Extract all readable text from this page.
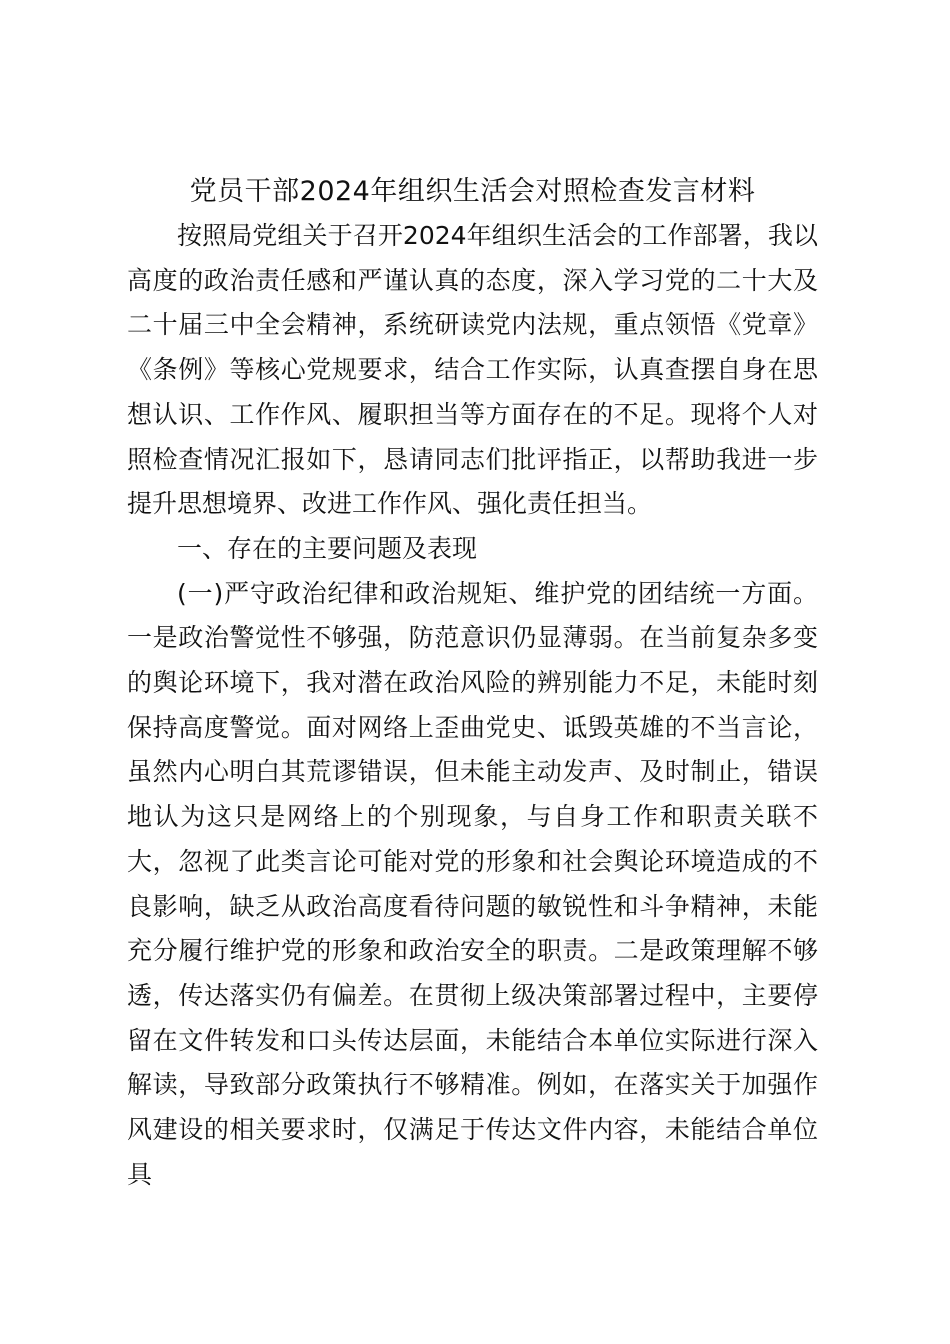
党员干部2024年组织生活会对照检查发言材料

按照局党组关于召开2024年组织生活会的工作部署，我以高度的政治责任感和严谨认真的态度，深入学习党的二十大及二十届三中全会精神，系统研读党内法规，重点领悟《党章》《条例》等核心党规要求，结合工作实际，认真查摆自身在思想认识、工作作风、履职担当等方面存在的不足。现将个人对照检查情况汇报如下，恳请同志们批评指正，以帮助我进一步提升思想境界、改进工作作风、强化责任担当。

一、存在的主要问题及表现

(一)严守政治纪律和政治规矩、维护党的团结统一方面。一是政治警觉性不够强，防范意识仍显薄弱。在当前复杂多变的舆论环境下，我对潜在政治风险的辨别能力不足，未能时刻保持高度警觉。面对网络上歪曲党史、诋毁英雄的不当言论，虽然内心明白其荒谬错误，但未能主动发声、及时制止，错误地认为这只是网络上的个别现象，与自身工作和职责关联不大，忽视了此类言论可能对党的形象和社会舆论环境造成的不良影响，缺乏从政治高度看待问题的敏锐性和斗争精神，未能充分履行维护党的形象和政治安全的职责。二是政策理解不够透，传达落实仍有偏差。在贯彻上级决策部署过程中，主要停留在文件转发和口头传达层面，未能结合本单位实际进行深入解读，导致部分政策执行不够精准。例如，在落实关于加强作风建设的相关要求时，仅满足于传达文件内容，未能结合单位具
